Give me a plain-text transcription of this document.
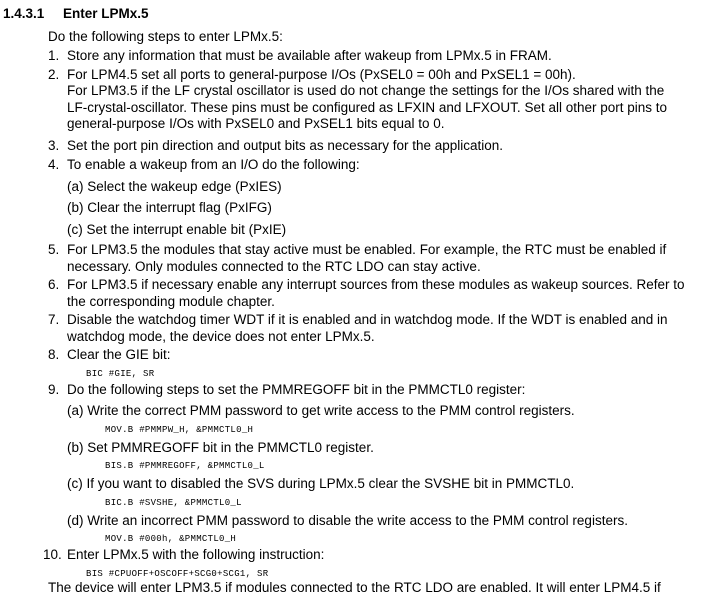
1.4.3.1 Enter LPMx.5
Do the following steps to enter LPMx.5:
1. Store any information that must be available after wakeup from LPMx.5 in FRAM.
2. For LPM4.5 set all ports to general-purpose I/Os (PxSEL0 = 00h and PxSEL1 = 00h).
For LPM3.5 if the LF crystal oscillator is used do not change the settings for the I/Os shared with the LF-crystal-oscillator. These pins must be configured as LFXIN and LFXOUT. Set all other port pins to general-purpose I/Os with PxSEL0 and PxSEL1 bits equal to 0.
3. Set the port pin direction and output bits as necessary for the application.
4. To enable a wakeup from an I/O do the following:
(a) Select the wakeup edge (PxIES)
(b) Clear the interrupt flag (PxIFG)
(c) Set the interrupt enable bit (PxIE)
5. For LPM3.5 the modules that stay active must be enabled. For example, the RTC must be enabled if necessary. Only modules connected to the RTC LDO can stay active.
6. For LPM3.5 if necessary enable any interrupt sources from these modules as wakeup sources. Refer to the corresponding module chapter.
7. Disable the watchdog timer WDT if it is enabled and in watchdog mode. If the WDT is enabled and in watchdog mode, the device does not enter LPMx.5.
8. Clear the GIE bit:
BIC #GIE, SR
9. Do the following steps to set the PMMREGOFF bit in the PMMCTL0 register:
(a) Write the correct PMM password to get write access to the PMM control registers.
MOV.B #PMMPW_H, &PMMCTL0_H
(b) Set PMMREGOFF bit in the PMMCTL0 register.
BIS.B #PMMREGOFF, &PMMCTL0_L
(c) If you want to disabled the SVS during LPMx.5 clear the SVSHE bit in PMMCTL0.
BIC.B #SVSHE, &PMMCTL0_L
(d) Write an incorrect PMM password to disable the write access to the PMM control registers.
MOV.B #000h, &PMMCTL0_H
10. Enter LPMx.5 with the following instruction:
BIS #CPUOFF+OSCOFF+SCG0+SCG1, SR
The device will enter LPM3.5 if modules connected to the RTC LDO are enabled. It will enter LPM4.5 if
